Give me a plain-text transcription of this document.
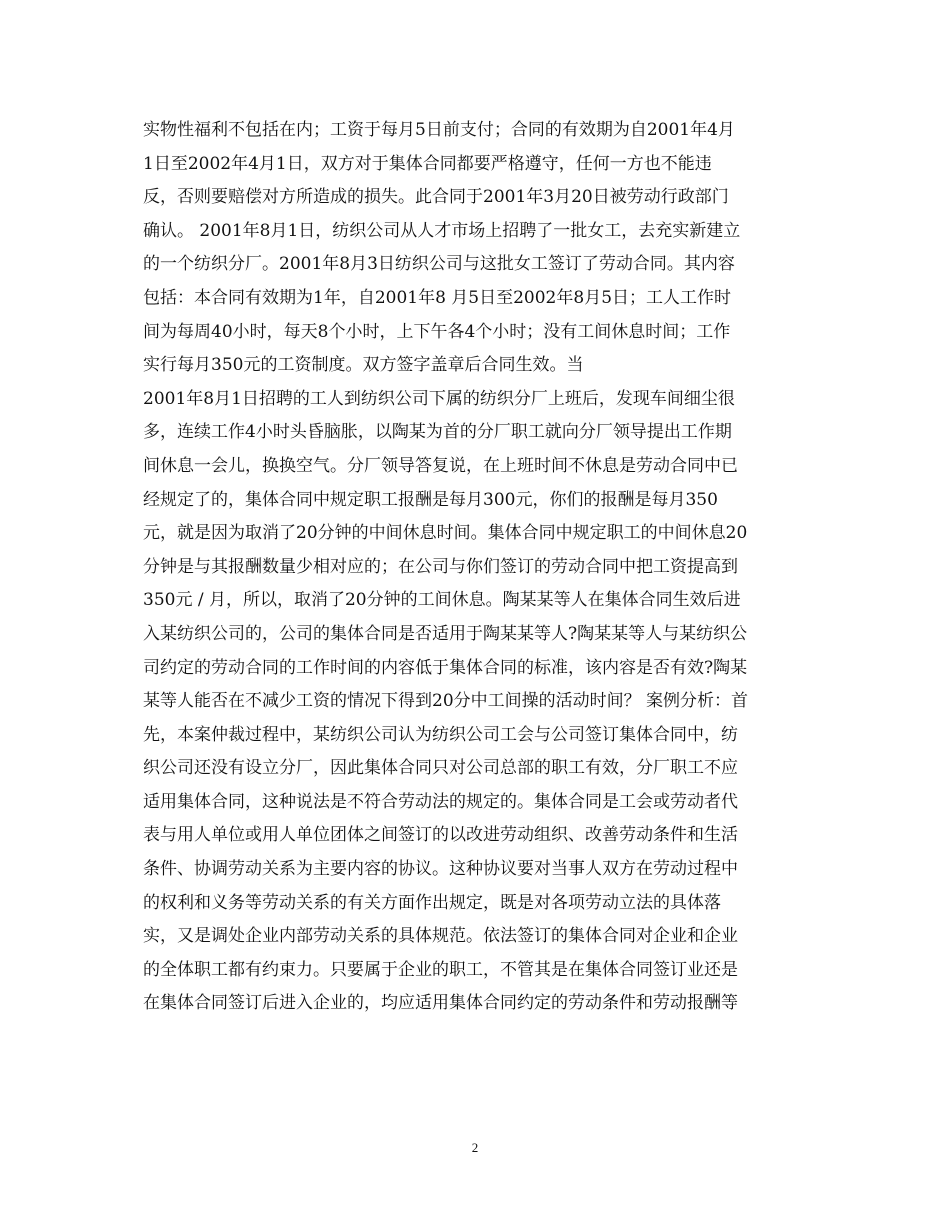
实物性福利不包括在内；工资于每月5日前支付；合同的有效期为自2001年4月
1日至2002年4月1日，双方对于集体合同都要严格遵守，任何一方也不能违
反，否则要赔偿对方所造成的损失。此合同于2001年3月20日被劳动行政部门
确认。 2001年8月1日，纺织公司从人才市场上招聘了一批女工，去充实新建立
的一个纺织分厂。2001年8月3日纺织公司与这批女工签订了劳动合同。其内容
包括：本合同有效期为1年，自2001年8 月5日至2002年8月5日；工人工作时
间为每周40小时，每天8个小时，上下午各4个小时；没有工间休息时间；工作
实行每月350元的工资制度。双方签字盖章后合同生效。当
2001年8月1日招聘的工人到纺织公司下属的纺织分厂上班后，发现车间细尘很
多，连续工作4小时头昏脑胀，以陶某为首的分厂职工就向分厂领导提出工作期
间休息一会儿，换换空气。分厂领导答复说，在上班时间不休息是劳动合同中已
经规定了的，集体合同中规定职工报酬是每月300元，你们的报酬是每月350
元，就是因为取消了20分钟的中间休息时间。集体合同中规定职工的中间休息20
分钟是与其报酬数量少相对应的；在公司与你们签订的劳动合同中把工资提高到
350元 / 月，所以，取消了20分钟的工间休息。陶某某等人在集体合同生效后进
入某纺织公司的，公司的集体合同是否适用于陶某某等人?陶某某等人与某纺织公
司约定的劳动合同的工作时间的内容低于集体合同的标准，该内容是否有效?陶某
某等人能否在不减少工资的情况下得到20分中工间操的活动时间？ 案例分析：首
先，本案仲裁过程中，某纺织公司认为纺织公司工会与公司签订集体合同中，纺
织公司还没有设立分厂，因此集体合同只对公司总部的职工有效，分厂职工不应
适用集体合同，这种说法是不符合劳动法的规定的。集体合同是工会或劳动者代
表与用人单位或用人单位团体之间签订的以改进劳动组织、改善劳动条件和生活
条件、协调劳动关系为主要内容的协议。这种协议要对当事人双方在劳动过程中
的权利和义务等劳动关系的有关方面作出规定，既是对各项劳动立法的具体落
实，又是调处企业内部劳动关系的具体规范。依法签订的集体合同对企业和企业
的全体职工都有约束力。只要属于企业的职工，不管其是在集体合同签订业还是
在集体合同签订后进入企业的，均应适用集体合同约定的劳动条件和劳动报酬等
2
